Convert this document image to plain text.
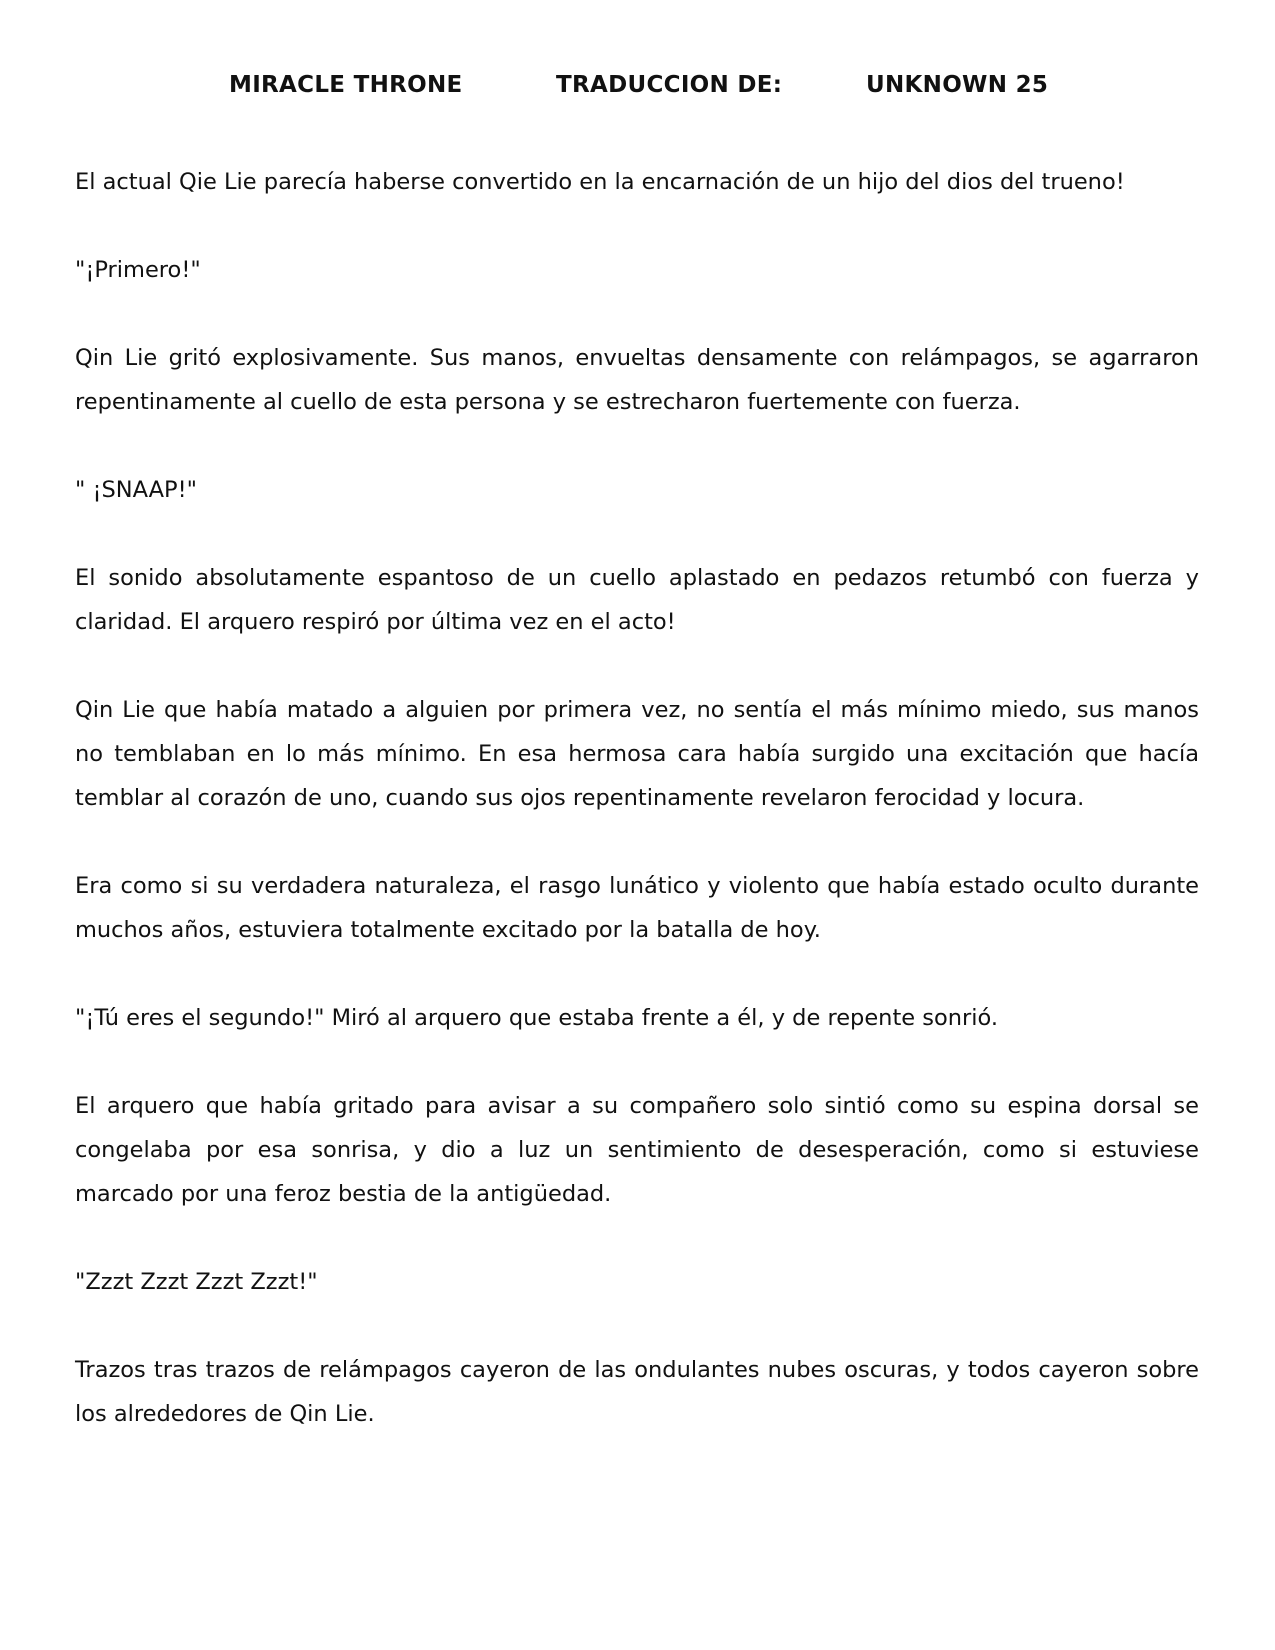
MIRACLE THRONE	TRADUCCION DE:	UNKNOWN 25

El actual Qie Lie parecía haberse convertido en la encarnación de un hijo del dios del trueno!

"¡Primero!"

Qin Lie gritó explosivamente. Sus manos, envueltas densamente con relámpagos, se agarraron repentinamente al cuello de esta persona y se estrecharon fuertemente con fuerza.

" ¡SNAAP!"

El sonido absolutamente espantoso de un cuello aplastado en pedazos retumbó con fuerza y claridad. El arquero respiró por última vez en el acto!

Qin Lie que había matado a alguien por primera vez, no sentía el más mínimo miedo, sus manos no temblaban en lo más mínimo. En esa hermosa cara había surgido una excitación que hacía temblar al corazón de uno, cuando sus ojos repentinamente revelaron ferocidad y locura.

Era como si su verdadera naturaleza, el rasgo lunático y violento que había estado oculto durante muchos años, estuviera totalmente excitado por la batalla de hoy.

"¡Tú eres el segundo!" Miró al arquero que estaba frente a él, y de repente sonrió.

El arquero que había gritado para avisar a su compañero solo sintió como su espina dorsal se congelaba por esa sonrisa, y dio a luz un sentimiento de desesperación, como si estuviese marcado por una feroz bestia de la antigüedad.

"Zzzt Zzzt Zzzt Zzzt!"

Trazos tras trazos de relámpagos cayeron de las ondulantes nubes oscuras, y todos cayeron sobre los alrededores de Qin Lie.
